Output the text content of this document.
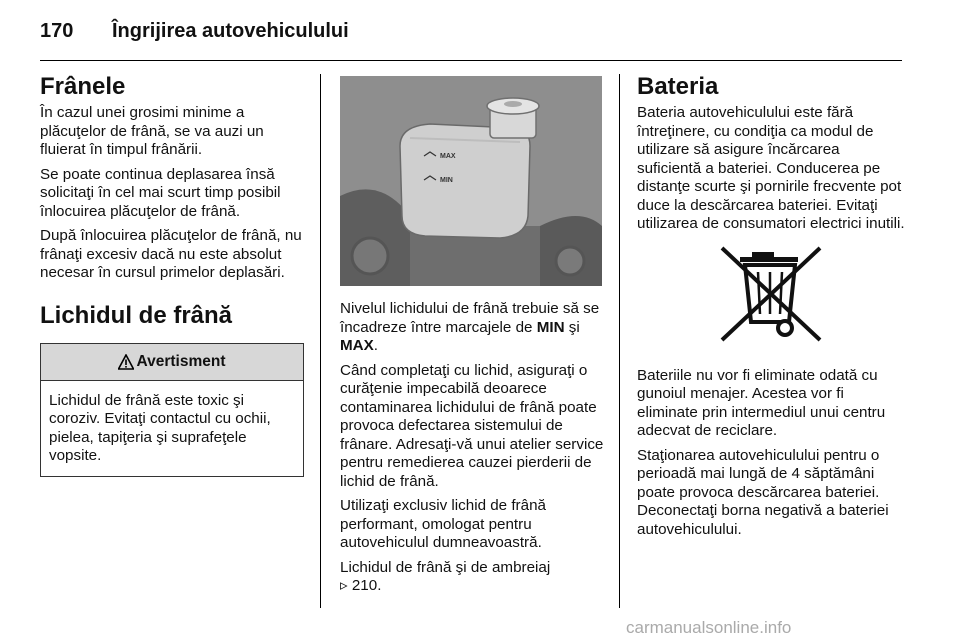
170 Îngrijirea autovehiculului
Frânele

În cazul unei grosimi minime a plăcuţelor de frână, se va auzi un fluierat în timpul frânării.

Se poate continua deplasarea însă solicitaţi în cel mai scurt timp posibil înlocuirea plăcuţelor de frână.

După înlocuirea plăcuţelor de frână, nu frânaţi excesiv dacă nu este absolut necesar în cursul primelor deplasări.

Lichidul de frână
Avertisment

Lichidul de frână este toxic şi coroziv. Evitaţi contactul cu ochii, pielea, tapiţeria şi suprafeţele vopsite.

MAX
MIN

Nivelul lichidului de frână trebuie să se încadreze între marcajele de MIN şi MAX.

Când completaţi cu lichid, asiguraţi o curăţenie impecabilă deoarece contaminarea lichidului de frână poate provoca defectarea sistemului de frânare. Adresaţi-vă unui atelier service pentru remedierea cauzei pierderii de lichid de frână.

Utilizaţi exclusiv lichid de frână performant, omologat pentru autovehiculul dumneavoastră.

Lichidul de frână şi de ambreiaj
▹ 210.

Bateria

Bateria autovehiculului este fără întreţinere, cu condiţia ca modul de utilizare să asigure încărcarea suficientă a bateriei. Conducerea pe distanţe scurte şi pornirile frecvente pot duce la descărcarea bateriei. Evitaţi utilizarea de consumatori electrici inutili.

Bateriile nu vor fi eliminate odată cu gunoiul menajer. Acestea vor fi eliminate prin intermediul unui centru adecvat de reciclare.

Staţionarea autovehiculului pentru o perioadă mai lungă de 4 săptămâni poate provoca descărcarea bateriei. Deconectaţi borna negativă a bateriei autovehiculului.

carmanualsonline.info
